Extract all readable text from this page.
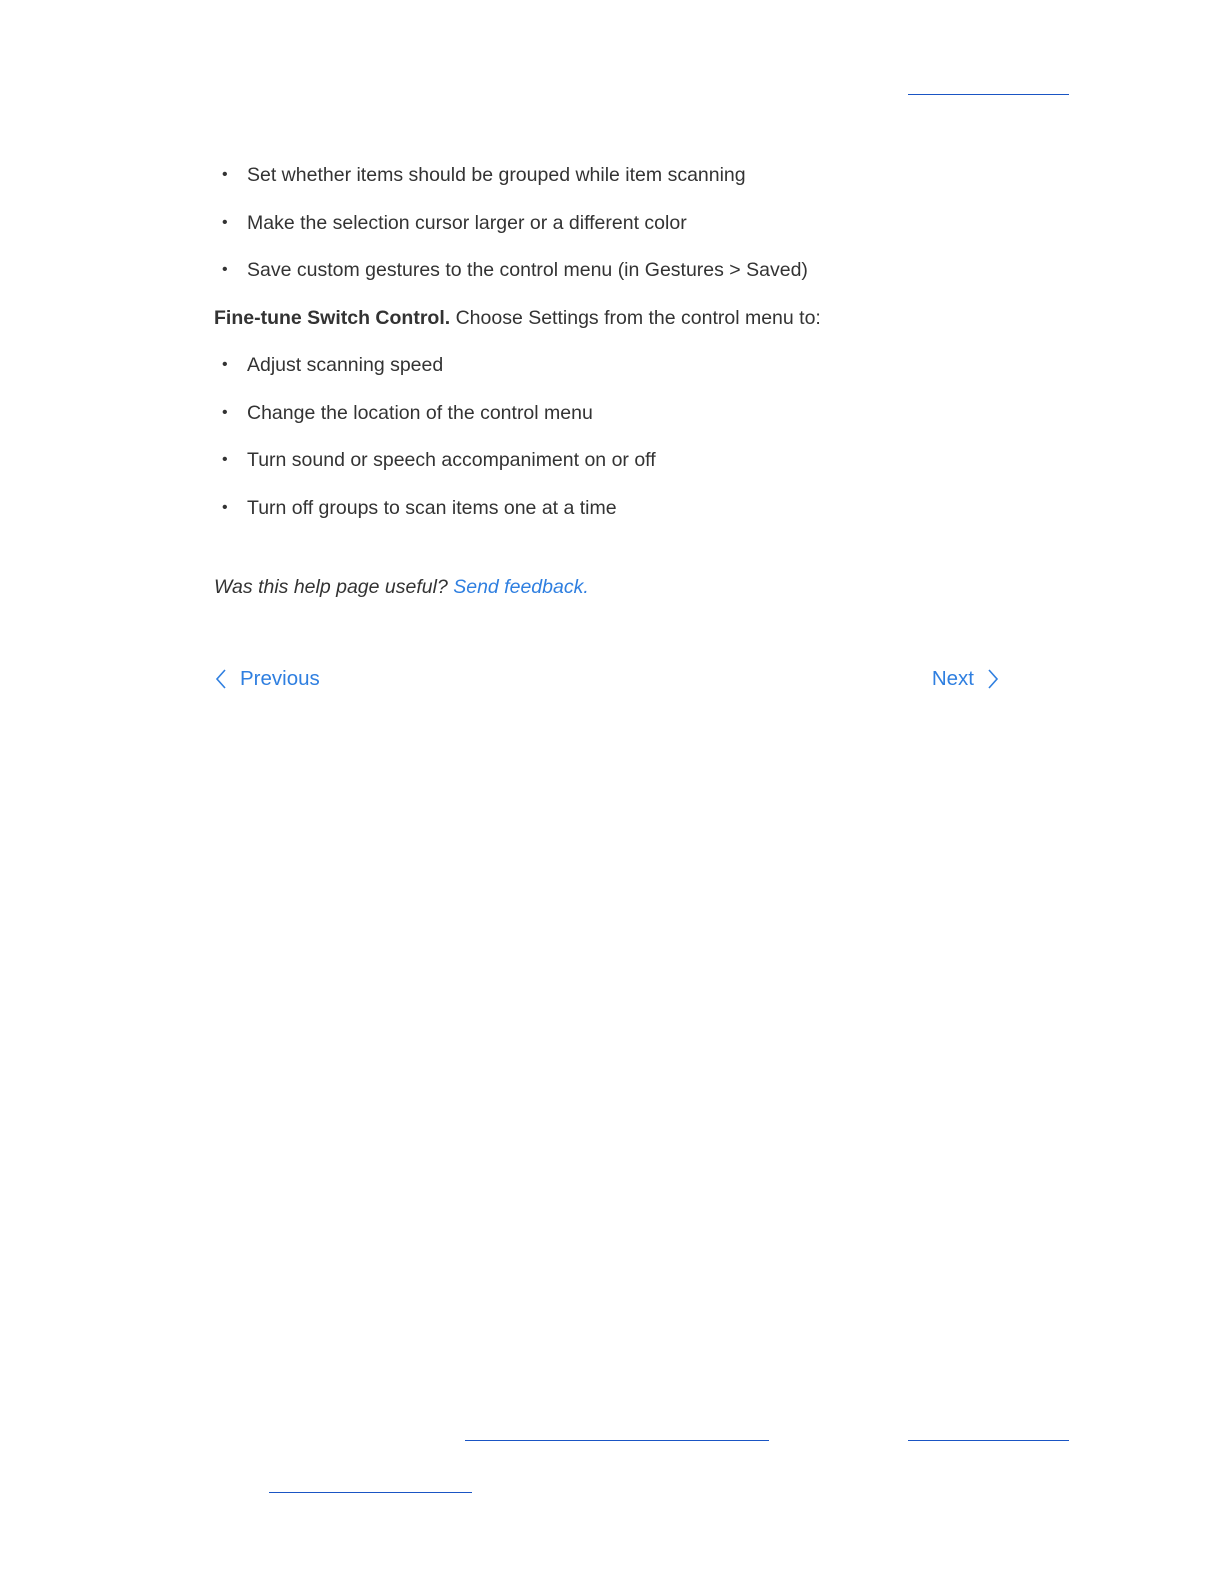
• Set whether items should be grouped while item scanning
• Make the selection cursor larger or a different color
• Save custom gestures to the control menu (in Gestures > Saved)

Fine-tune Switch Control. Choose Settings from the control menu to:

• Adjust scanning speed
• Change the location of the control menu
• Turn sound or speech accompaniment on or off
• Turn off groups to scan items one at a time

Was this help page useful? Send feedback.

Previous	Next
